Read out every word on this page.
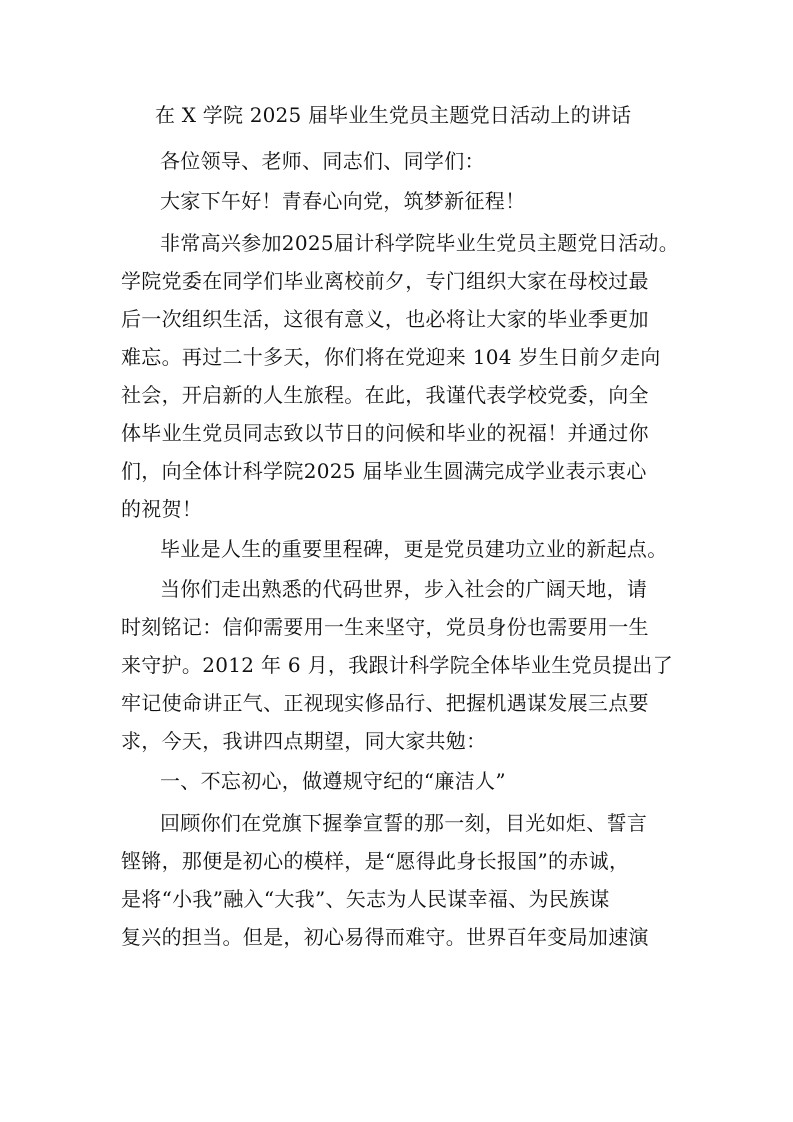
在 X 学院 2025 届毕业生党员主题党日活动上的讲话
各位领导、老师、同志们、同学们：
大家下午好！青春心向党，筑梦新征程！
非常高兴参加2025届计科学院毕业生党员主题党日活动。
学院党委在同学们毕业离校前夕，专门组织大家在母校过最
后一次组织生活，这很有意义，也必将让大家的毕业季更加
难忘。再过二十多天，你们将在党迎来 104 岁生日前夕走向
社会，开启新的人生旅程。在此，我谨代表学校党委，向全
体毕业生党员同志致以节日的问候和毕业的祝福！并通过你
们，向全体计科学院2025 届毕业生圆满完成学业表示衷心
的祝贺！
毕业是人生的重要里程碑，更是党员建功立业的新起点。
当你们走出熟悉的代码世界，步入社会的广阔天地，请
时刻铭记：信仰需要用一生来坚守，党员身份也需要用一生
来守护。2012 年 6 月，我跟计科学院全体毕业生党员提出了
牢记使命讲正气、正视现实修品行、把握机遇谋发展三点要
求，今天，我讲四点期望，同大家共勉：
一、不忘初心，做遵规守纪的“廉洁人”
回顾你们在党旗下握拳宣誓的那一刻，目光如炬、誓言
铿锵，那便是初心的模样，是“愿得此身长报国”的赤诚，
是将“小我”融入“大我”、矢志为人民谋幸福、为民族谋
复兴的担当。但是，初心易得而难守。世界百年变局加速演
